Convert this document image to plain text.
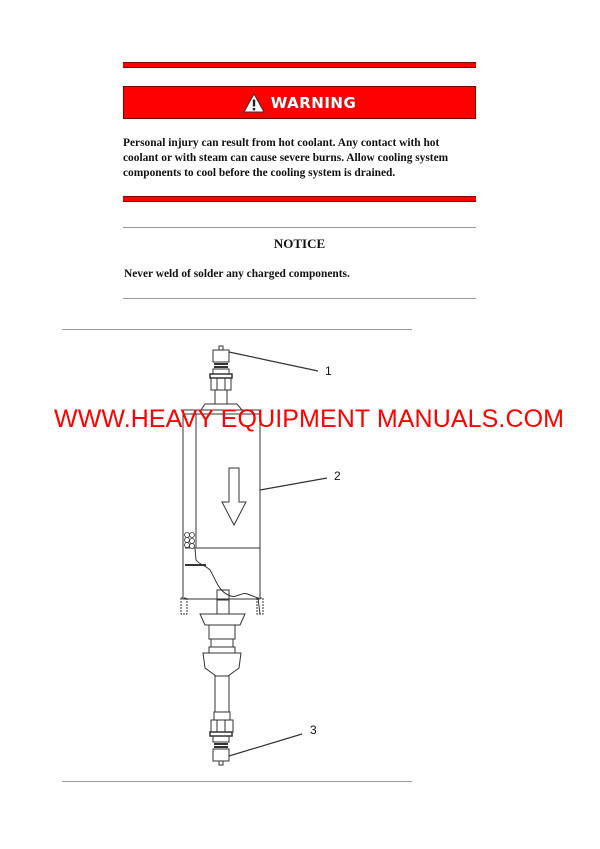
WARNING
Personal injury can result from hot coolant. Any contact with hot
coolant or with steam can cause severe burns. Allow cooling system
components to cool before the cooling system is drained.
NOTICE
Never weld of solder any charged components.
1
2
3
WWW.HEAVY EQUIPMENT MANUALS.COM
